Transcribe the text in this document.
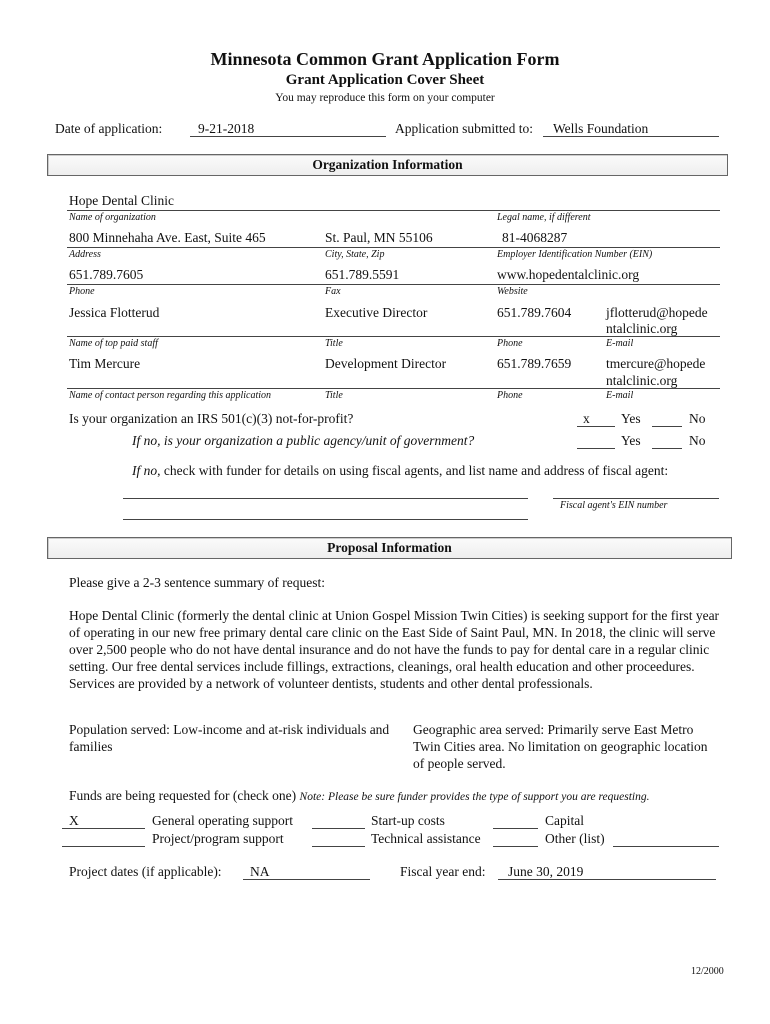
Minnesota Common Grant Application Form
Grant Application Cover Sheet
You may reproduce this form on your computer
Date of application:	9-21-2018	Application submitted to: Wells Foundation
Organization Information
Hope Dental Clinic
Name of organization	Legal name, if different
800 Minnehaha Ave. East, Suite 465	St. Paul, MN 55106	81-4068287
Address	City, State, Zip	Employer Identification Number (EIN)
651.789.7605	651.789.5591	www.hopedentalclinic.org
Phone	Fax	Website
Jessica Flotterud	Executive Director	651.789.7604	jflotterud@hopede
ntalclinic.org
Name of top paid staff	Title	Phone	E-mail
Tim Mercure	Development Director	651.789.7659	tmercure@hopede
ntalclinic.org
Name of contact person regarding this application	Title	Phone	E-mail
Is your organization an IRS 501(c)(3) not-for-profit?	x Yes	No
If no, is your organization a public agency/unit of government?	Yes	No
If no, check with funder for details on using fiscal agents, and list name and address of fiscal agent:
Fiscal agent's EIN number
Proposal Information
Please give a 2-3 sentence summary of request:
Hope Dental Clinic (formerly the dental clinic at Union Gospel Mission Twin Cities) is seeking support for the first year of operating in our new free primary dental care clinic on the East Side of Saint Paul, MN. In 2018, the clinic will serve over 2,500 people who do not have dental insurance and do not have the funds to pay for dental care in a regular clinic setting. Our free dental services include fillings, extractions, cleanings, oral health education and other proceedures. Services are provided by a network of volunteer dentists, students and other dental professionals.
Population served: Low-income and at-risk individuals and families
Geographic area served: Primarily serve East Metro Twin Cities area. No limitation on geographic location of people served.
Funds are being requested for (check one) Note: Please be sure funder provides the type of support you are requesting.
X	General operating support	Start-up costs	Capital
Project/program support	Technical assistance	Other (list)
Project dates (if applicable): NA	Fiscal year end: June 30, 2019
12/2000
